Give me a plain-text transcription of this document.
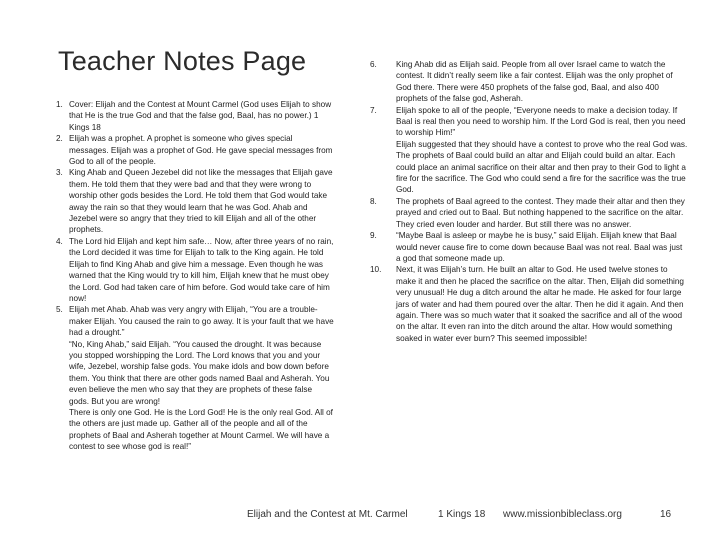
Teacher Notes Page
1. Cover: Elijah and the Contest at Mount Carmel (God uses Elijah to show that He is the true God and that the false god, Baal, has no power.) 1 Kings 18
2. Elijah was a prophet. A prophet is someone who gives special messages. Elijah was a prophet of God. He gave special messages from God to all of the people.
3. King Ahab and Queen Jezebel did not like the messages that Elijah gave them. He told them that they were bad and that they were wrong to worship other gods besides the Lord. He told them that God would take away the rain so that they would learn that he was God. Ahab and Jezebel were so angry that they tried to kill Elijah and all of the other prophets.
4. The Lord hid Elijah and kept him safe… Now, after three years of no rain, the Lord decided it was time for Elijah to talk to the King again. He told Elijah to find King Ahab and give him a message. Even though he was warned that the King would try to kill him, Elijah knew that he must obey the Lord. God had taken care of him before. God would take care of him now!
5. Elijah met Ahab. Ahab was very angry with Elijah, “You are a trouble-maker Elijah. You caused the rain to go away. It is your fault that we have had a drought.”
“No, King Ahab,” said Elijah. “You caused the drought. It was because you stopped worshipping the Lord. The Lord knows that you and your wife, Jezebel, worship false gods. You make idols and bow down before them. You think that there are other gods named Baal and Asherah. You even believe the men who say that they are prophets of these false gods. But you are wrong!
There is only one God. He is the Lord God! He is the only real God. All of the others are just made up. Gather all of the people and all of the prophets of Baal and Asherah together at Mount Carmel. We will have a contest to see whose god is real!”
6. King Ahab did as Elijah said. People from all over Israel came to watch the contest. It didn’t really seem like a fair contest. Elijah was the only prophet of God there. There were 450 prophets of the false god, Baal, and also 400 prophets of the false god, Asherah.
7. Elijah spoke to all of the people, “Everyone needs to make a decision today. If Baal is real then you need to worship him. If the Lord God is real, then you need to worship Him!”
Elijah suggested that they should have a contest to prove who the real God was. The prophets of Baal could build an altar and Elijah could build an altar. Each could place an animal sacrifice on their altar and then pray to their God to light a fire for the sacrifice. The God who could send a fire for the sacrifice was the true God.
8. The prophets of Baal agreed to the contest. They made their altar and then they prayed and cried out to Baal. But nothing happened to the sacrifice on the altar. They cried even louder and harder. But still there was no answer.
9. “Maybe Baal is asleep or maybe he is busy,” said Elijah. Elijah knew that Baal would never cause fire to come down because Baal was not real. Baal was just a god that someone made up.
10. Next, it was Elijah’s turn. He built an altar to God. He used twelve stones to make it and then he placed the sacrifice on the altar. Then, Elijah did something very unusual! He dug a ditch around the altar he made. He asked for four large jars of water and had them poured over the altar. Then he did it again. And then again. There was so much water that it soaked the sacrifice and all of the wood on the altar. It even ran into the ditch around the altar. How would something soaked in water ever burn? This seemed impossible!
Elijah and the Contest at Mt. Carmel	1 Kings 18 www.missionbibleclass.org	16
